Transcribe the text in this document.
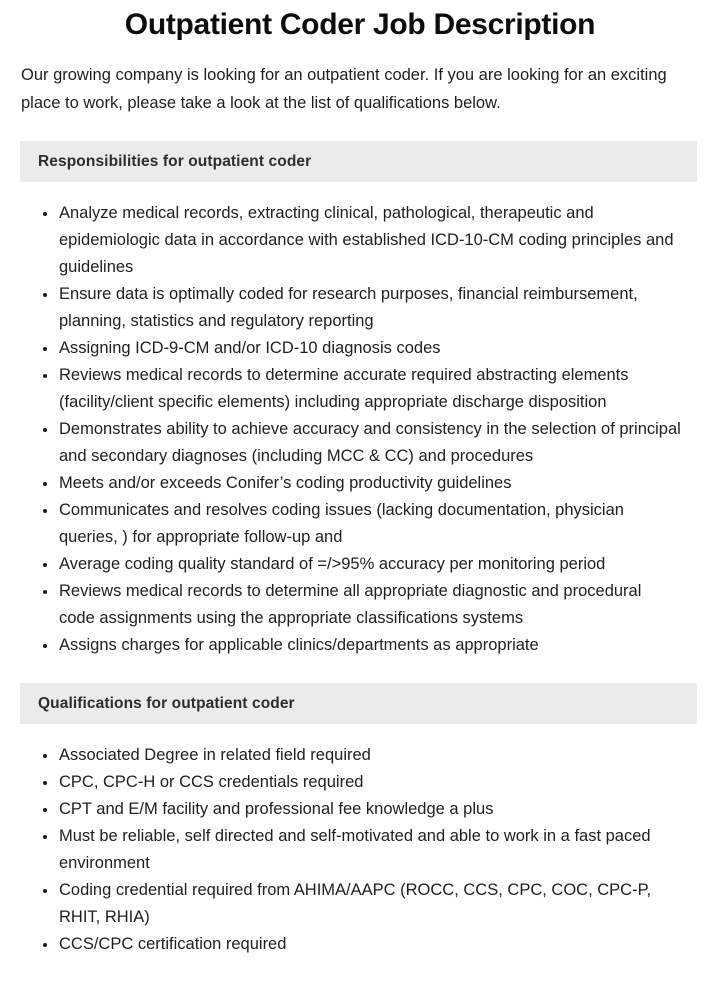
Outpatient Coder Job Description

Our growing company is looking for an outpatient coder. If you are looking for an exciting place to work, please take a look at the list of qualifications below.

Responsibilities for outpatient coder
Analyze medical records, extracting clinical, pathological, therapeutic and epidemiologic data in accordance with established ICD-10-CM coding principles and guidelines
Ensure data is optimally coded for research purposes, financial reimbursement, planning, statistics and regulatory reporting
Assigning ICD-9-CM and/or ICD-10 diagnosis codes
Reviews medical records to determine accurate required abstracting elements (facility/client specific elements) including appropriate discharge disposition
Demonstrates ability to achieve accuracy and consistency in the selection of principal and secondary diagnoses (including MCC & CC) and procedures
Meets and/or exceeds Conifer’s coding productivity guidelines
Communicates and resolves coding issues (lacking documentation, physician queries, ) for appropriate follow-up and
Average coding quality standard of =/>95% accuracy per monitoring period
Reviews medical records to determine all appropriate diagnostic and procedural code assignments using the appropriate classifications systems
Assigns charges for applicable clinics/departments as appropriate
Qualifications for outpatient coder
Associated Degree in related field required
CPC, CPC-H or CCS credentials required
CPT and E/M facility and professional fee knowledge a plus
Must be reliable, self directed and self-motivated and able to work in a fast paced environment
Coding credential required from AHIMA/AAPC (ROCC, CCS, CPC, COC, CPC-P, RHIT, RHIA)
CCS/CPC certification required
